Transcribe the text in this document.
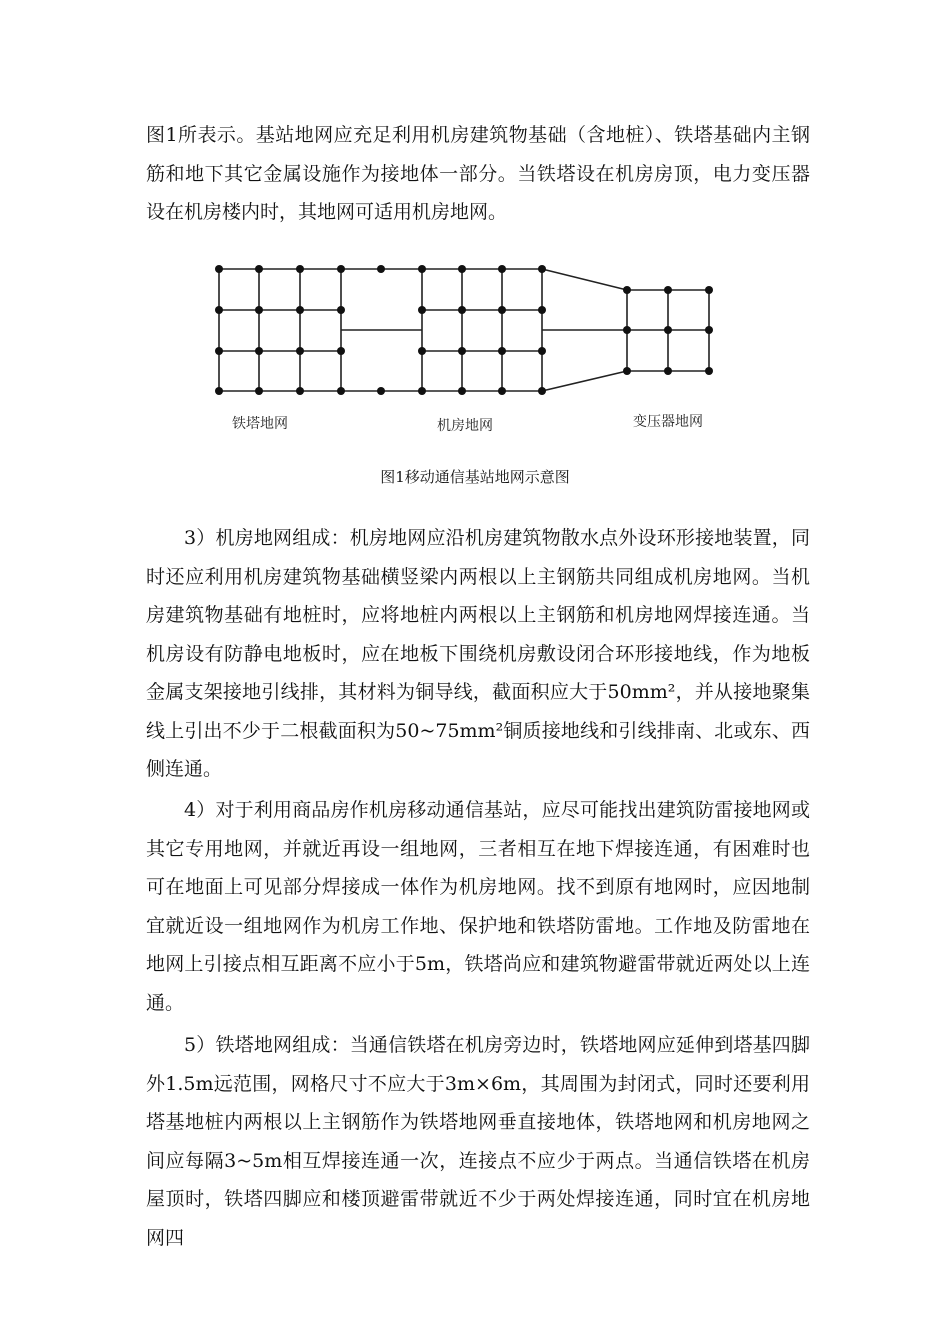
图1所表示。基站地网应充足利用机房建筑物基础（含地桩）、铁塔基础内主钢筋和地下其它金属设施作为接地体一部分。当铁塔设在机房房顶，电力变压器设在机房楼内时，其地网可适用机房地网。

铁塔地网	机房地网	变压器地网
图1移动通信基站地网示意图

3）机房地网组成：机房地网应沿机房建筑物散水点外设环形接地装置，同时还应利用机房建筑物基础横竖梁内两根以上主钢筋共同组成机房地网。当机房建筑物基础有地桩时，应将地桩内两根以上主钢筋和机房地网焊接连通。当机房设有防静电地板时，应在地板下围绕机房敷设闭合环形接地线，作为地板金属支架接地引线排，其材料为铜导线，截面积应大于50mm²，并从接地聚集线上引出不少于二根截面积为50~75mm²铜质接地线和引线排南、北或东、西侧连通。

4）对于利用商品房作机房移动通信基站，应尽可能找出建筑防雷接地网或其它专用地网，并就近再设一组地网，三者相互在地下焊接连通，有困难时也可在地面上可见部分焊接成一体作为机房地网。找不到原有地网时，应因地制宜就近设一组地网作为机房工作地、保护地和铁塔防雷地。工作地及防雷地在地网上引接点相互距离不应小于5m，铁塔尚应和建筑物避雷带就近两处以上连通。

5）铁塔地网组成：当通信铁塔在机房旁边时，铁塔地网应延伸到塔基四脚外1.5m远范围，网格尺寸不应大于3m×6m，其周围为封闭式，同时还要利用塔基地桩内两根以上主钢筋作为铁塔地网垂直接地体，铁塔地网和机房地网之间应每隔3~5m相互焊接连通一次，连接点不应少于两点。当通信铁塔在机房屋顶时，铁塔四脚应和楼顶避雷带就近不少于两处焊接连通，同时宜在机房地网四
